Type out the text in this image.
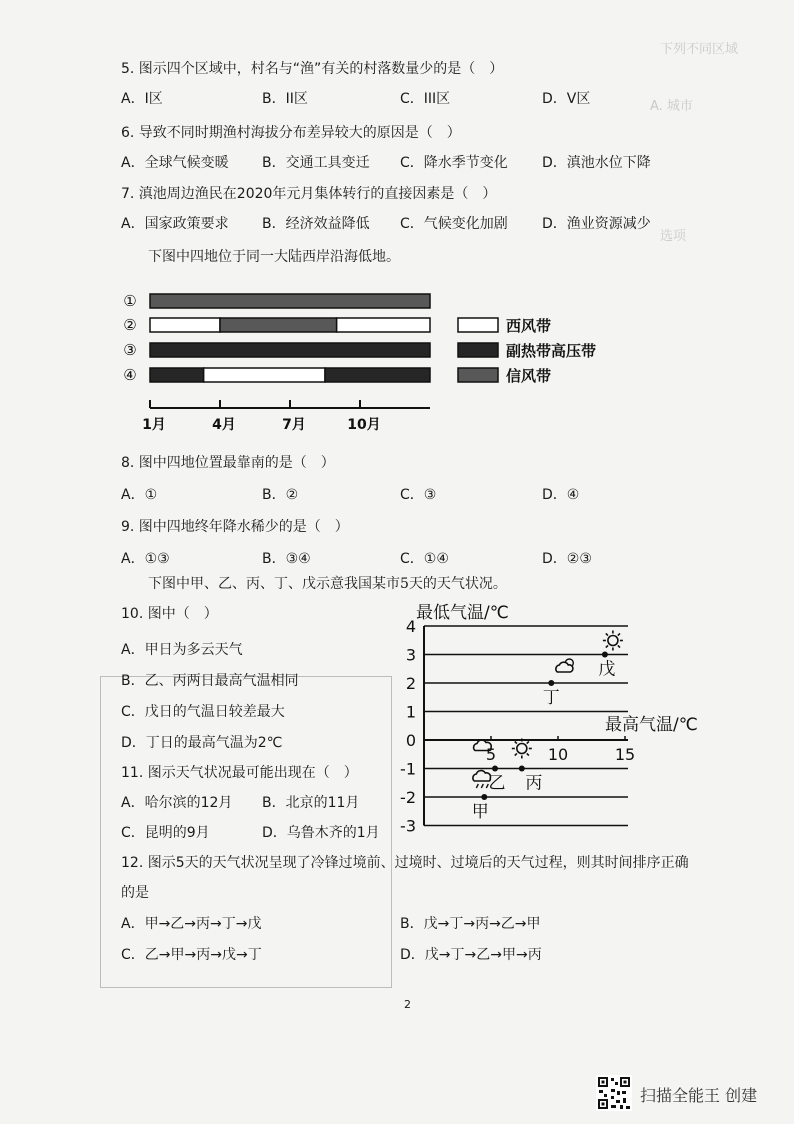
下列不同区域
A. 城市
选项
5. 图示四个区域中，村名与“渔”有关的村落数量少的是（　）
A．I区	B．II区	C．III区	D．V区
6. 导致不同时期渔村海拔分布差异较大的原因是（　）
A．全球气候变暖 B．交通工具变迁 C．降水季节变化 D．滇池水位下降
7. 滇池周边渔民在2020年元月集体转行的直接因素是（　）
A．国家政策要求 B．经济效益降低 C．气候变化加剧 D．渔业资源减少
下图中四地位于同一大陆西岸沿海低地。
①
②
③
④
1月	4月	7月	10月
西风带
副热带高压带
信风带
8. 图中四地位置最靠南的是（　）
A．①	B．②	C．③	D．④
9. 图中四地终年降水稀少的是（　）
A．①③	B．③④	C．①④	D．②③
下图中甲、乙、丙、丁、戊示意我国某市5天的天气状况。
10. 图中（　）
A．甲日为多云天气
B．乙、丙两日最高气温相同
C．戊日的气温日较差最大
D．丁日的最高气温为2℃
11. 图示天气状况最可能出现在（　）
A．哈尔滨的12月 B．北京的11月
C．昆明的9月	D．乌鲁木齐的1月
4
3
2
1
0
-1
-2
-3
5	10	15
甲
乙 丙
丁
戊
最低气温/℃
最高气温/℃
12. 图示5天的天气状况呈现了冷锋过境前、过境时、过境后的天气过程，则其时间排序正确
的是
A．甲→乙→丙→丁→戊	B．戊→丁→丙→乙→甲
C．乙→甲→丙→戊→丁	D．戊→丁→乙→甲→丙
2
扫描全能王 创建
